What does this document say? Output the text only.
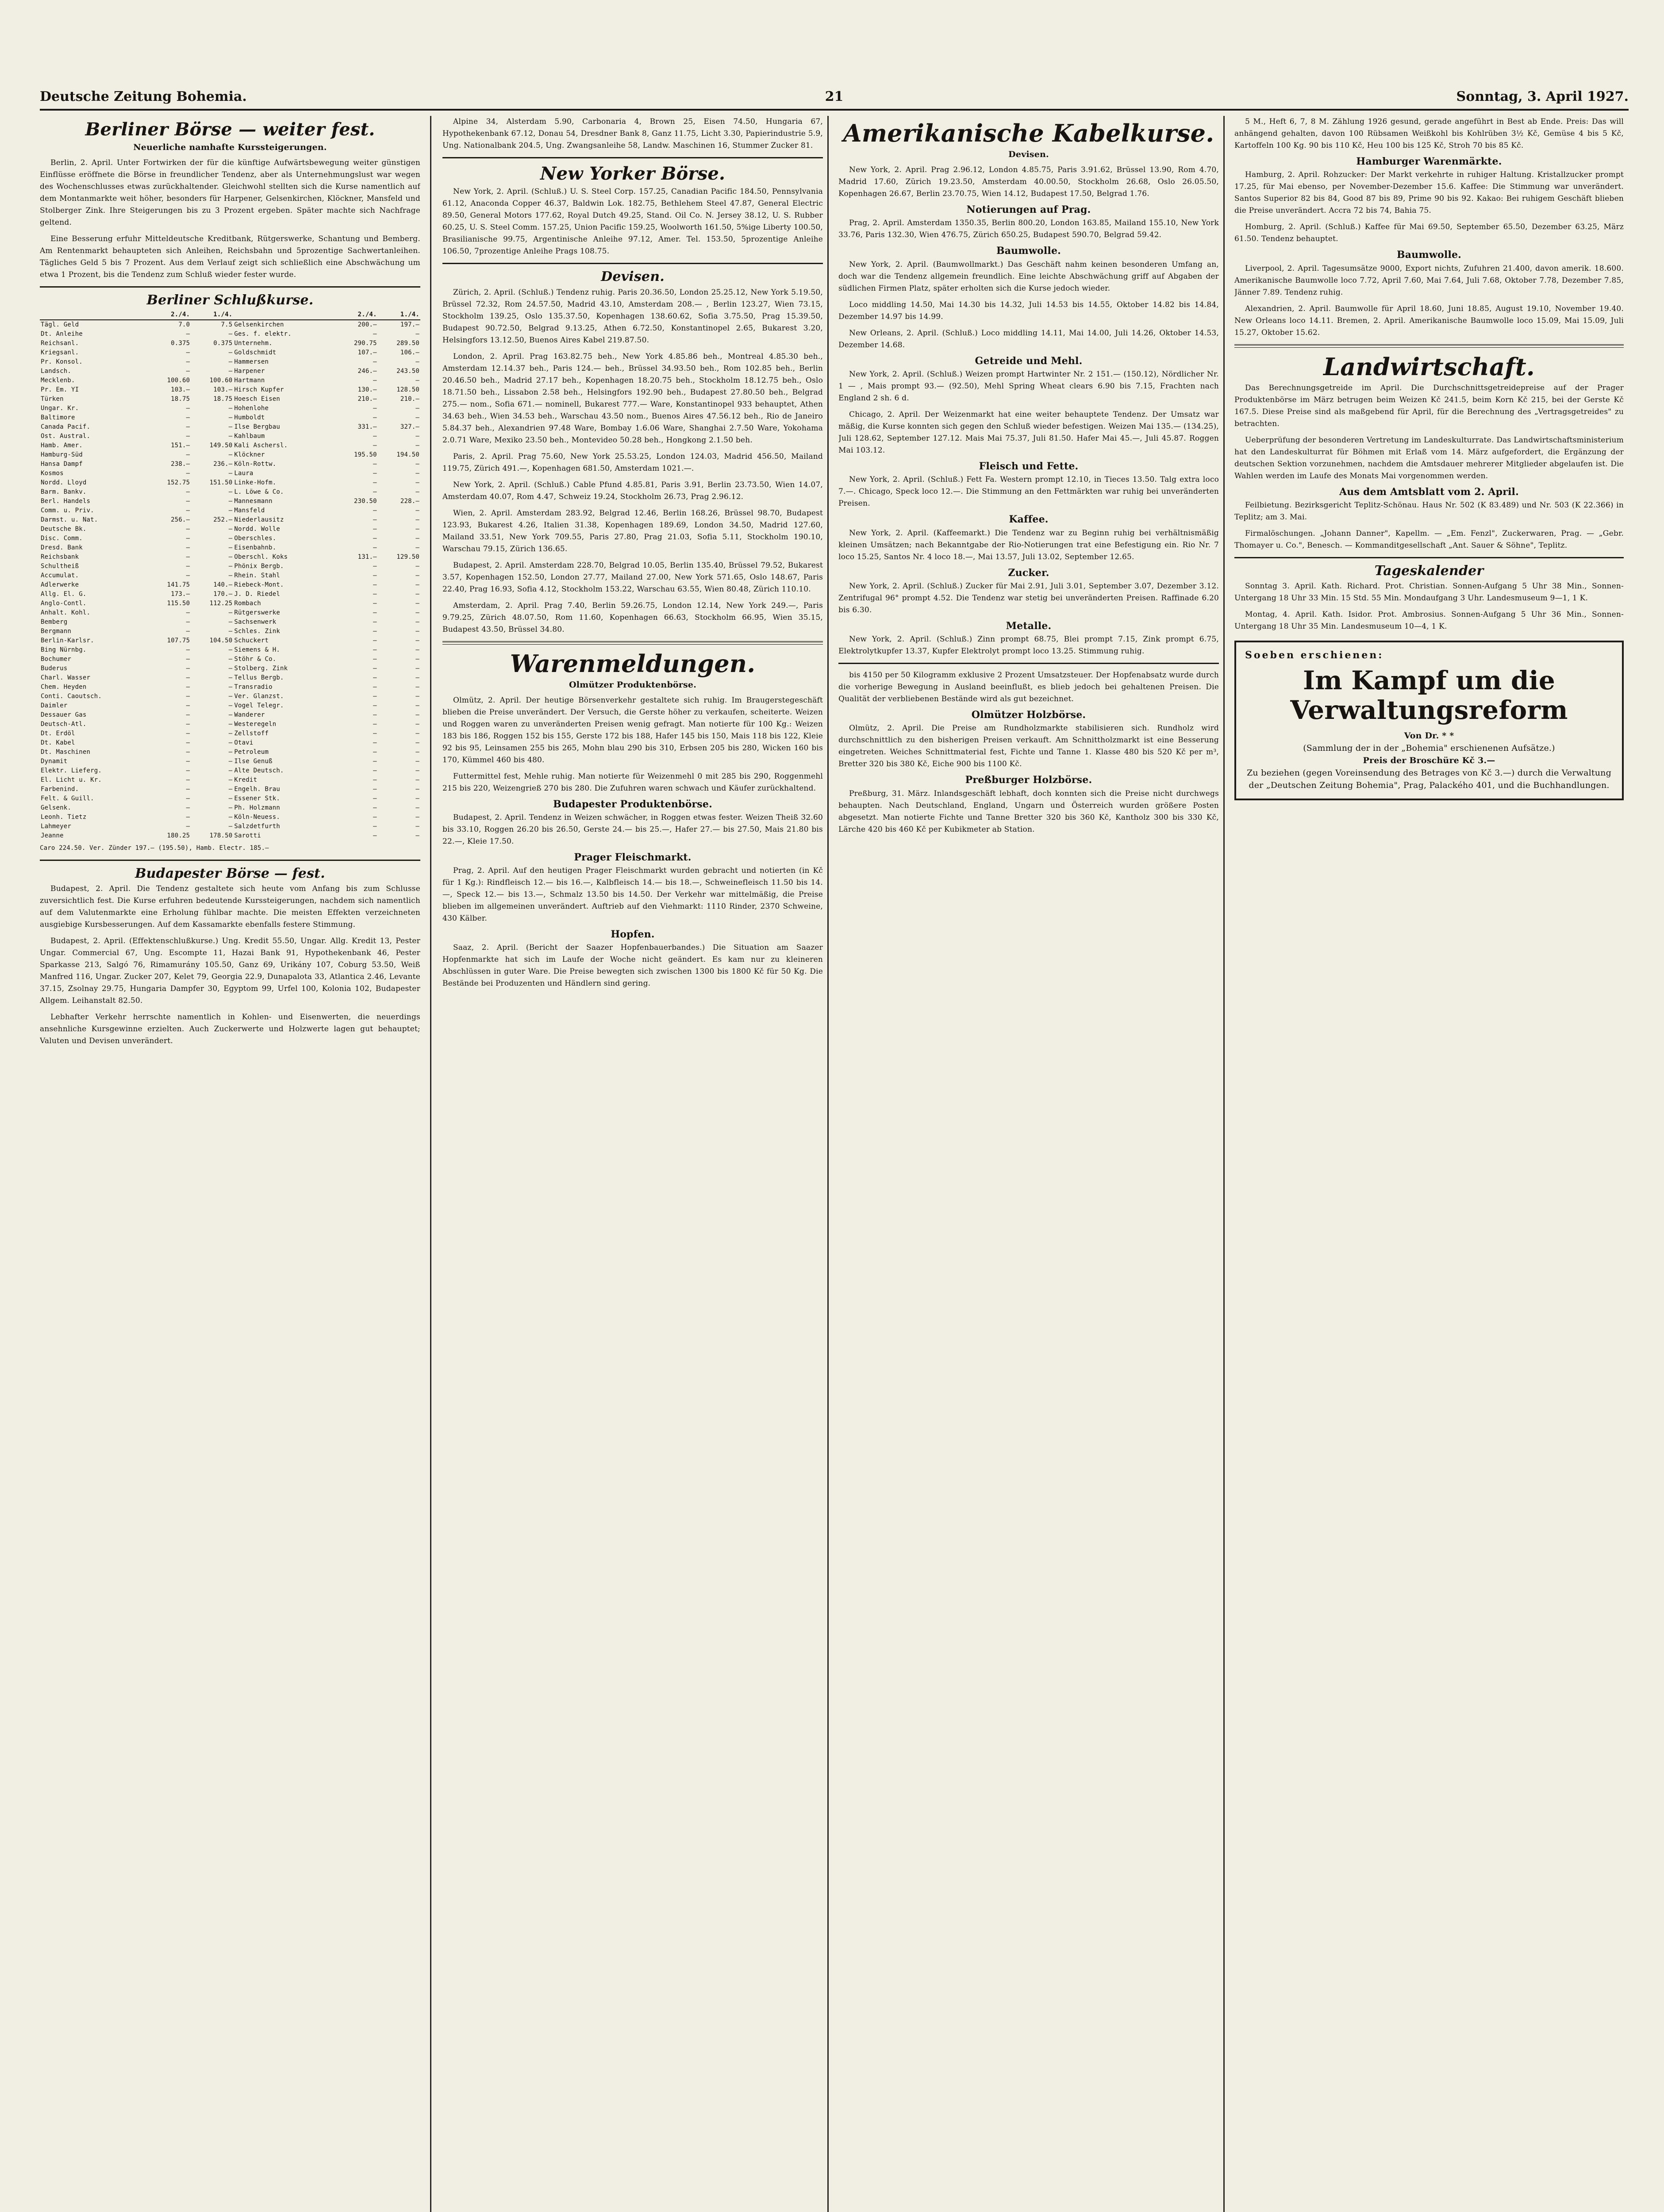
Deutsche Zeitung Bohemia.	21	Sonntag, 3. April 1927.
Berliner Börse — weiter fest.
Neuerliche namhafte Kurssteigerungen.

Berlin, 2. April. Unter Fortwirken der für die künftige Aufwärtsbewegung weiter günstigen Einflüsse eröffnete die Börse in freundlicher Tendenz, aber als Unternehmungslust war wegen des Wochenschlusses etwas zurückhaltender. Gleichwohl stellten sich die Kurse namentlich auf dem Montanmarkte weit höher, besonders für Harpener, Gelsenkirchen, Klöckner, Mansfeld und Stolberger Zink. Ihre Steigerungen bis zu 3 Prozent ergeben. Später machte sich Nachfrage geltend.

Eine Besserung erfuhr Mitteldeutsche Kreditbank, Rütgerswerke, Schantung und Bemberg. Am Rentenmarkt behaupteten sich Anleihen, Reichsbahn und 5prozentige Sachwertanleihen. Tägliches Geld 5 bis 7 Prozent. Aus dem Verlauf zeigt sich schließlich eine Abschwächung um etwa 1 Prozent, bis die Tendenz zum Schluß wieder fester wurde.

Berliner Schlußkurse.
	2./4.	1./4.		2./4.	1./4.
Tägl. Geld	7.0	7.5	Gelsenkirchen	200.—	197.—
Dt. Anleihe	—	—	Ges. f. elektr.	—	—
Reichsanl.	0.375	0.375	Unternehm.	290.75	289.50
Kriegsanl.	—	—	Goldschmidt	107.—	106.—
Pr. Konsol.	—	—	Hammersen	—	—
Landsch.	—	—	Harpener	246.—	243.50
Mecklenb.	100.60	100.60	Hartmann	—	—
Pr. Em. YI	103.—	103.—	Hirsch Kupfer	130.—	128.50
Türken	18.75	18.75	Hoesch Eisen	210.—	210.—
Ungar. Kr.	—	—	Hohenlohe	—	—
Baltimore	—	—	Humboldt	—	—
Canada Pacif.	—	—	Ilse Bergbau	331.—	327.—
Ost. Austral.	—	—	Kahlbaum	—	—
Hamb. Amer.	151.—	149.50	Kali Aschersl.	—	—
Hamburg-Süd	—	—	Klöckner	195.50	194.50
Hansa Dampf	238.—	236.—	Köln-Rottw.	—	—
Kosmos	—	—	Laura	—	—
Nordd. Lloyd	152.75	151.50	Linke-Hofm.	—	—
Barm. Bankv.	—	—	L. Löwe & Co.	—	—
Berl. Handels	—	—	Mannesmann	230.50	228.—
Comm. u. Priv.	—	—	Mansfeld	—	—
Darmst. u. Nat.	256.—	252.—	Niederlausitz	—	—
Deutsche Bk.	—	—	Nordd. Wolle	—	—
Disc. Comm.	—	—	Oberschles.	—	—
Dresd. Bank	—	—	Eisenbahnb.	—	—
Reichsbank	—	—	Oberschl. Koks	131.—	129.50
Schultheiß	—	—	Phönix Bergb.	—	—
Accumulat.	—	—	Rhein. Stahl	—	—
Adlerwerke	141.75	140.—	Riebeck-Mont.	—	—
Allg. El. G.	173.—	170.—	J. D. Riedel	—	—
Anglo-Contl.	115.50	112.25	Rombach	—	—
Anhalt. Kohl.	—	—	Rütgerswerke	—	—
Bemberg	—	—	Sachsenwerk	—	—
Bergmann	—	—	Schles. Zink	—	—
Berlin-Karlsr.	107.75	104.50	Schuckert	—	—
Bing Nürnbg.	—	—	Siemens & H.	—	—
Bochumer	—	—	Stöhr & Co.	—	—
Buderus	—	—	Stolberg. Zink	—	—
Charl. Wasser	—	—	Tellus Bergb.	—	—
Chem. Heyden	—	—	Transradio	—	—
Conti. Caoutsch.	—	—	Ver. Glanzst.	—	—
Daimler	—	—	Vogel Telegr.	—	—
Dessauer Gas	—	—	Wanderer	—	—
Deutsch-Atl.	—	—	Westeregeln	—	—
Dt. Erdöl	—	—	Zellstoff	—	—
Dt. Kabel	—	—	Otavi	—	—
Dt. Maschinen	—	—	Petroleum	—	—
Dynamit	—	—	Ilse Genuß	—	—
Elektr. Lieferg.	—	—	Alte Deutsch.	—	—
El. Licht u. Kr.	—	—	Kredit	—	—
Farbenind.	—	—	Engelh. Brau	—	—
Felt. & Guill.	—	—	Essener Stk.	—	—
Gelsenk.	—	—	Ph. Holzmann	—	—
Leonh. Tietz	—	—	Köln-Neuess.	—	—
Lahmeyer	—	—	Salzdetfurth	—	—
Jeanne	180.25	178.50	Sarotti	—	—
Caro 224.50. Ver. Zünder 197.— (195.50), Hamb. Electr. 185.—
Budapester Börse — fest.

Budapest, 2. April. Die Tendenz gestaltete sich heute vom Anfang bis zum Schlusse zuversichtlich fest. Die Kurse erfuhren bedeutende Kurssteigerungen, nachdem sich namentlich auf dem Valutenmarkte eine Erholung fühlbar machte. Die meisten Effekten verzeichneten ausgiebige Kursbesserungen. Auf dem Kassamarkte ebenfalls festere Stimmung.

Budapest, 2. April. (Effektenschlußkurse.) Ung. Kredit 55.50, Ungar. Allg. Kredit 13, Pester Ungar. Commercial 67, Ung. Escompte 11, Hazai Bank 91, Hypothekenbank 46, Pester Sparkasse 213, Salgó 76, Rimamurány 105.50, Ganz 69, Urikány 107, Coburg 53.50, Weiß Manfred 116, Ungar. Zucker 207, Kelet 79, Georgia 22.9, Dunapalota 33, Atlantica 2.46, Levante 37.15, Zsolnay 29.75, Hungaria Dampfer 30, Egyptom 99, Urfel 100, Kolonia 102, Budapester Allgem. Leihanstalt 82.50.

Lebhafter Verkehr herrschte namentlich in Kohlen- und Eisenwerten, die neuerdings ansehnliche Kursgewinne erzielten. Auch Zuckerwerte und Holzwerte lagen gut behauptet; Valuten und Devisen unverändert.

Alpine 34, Alsterdam 5.90, Carbonaria 4, Brown 25, Eisen 74.50, Hungaria 67, Hypothekenbank 67.12, Donau 54, Dresdner Bank 8, Ganz 11.75, Licht 3.30, Papierindustrie 5.9, Ung. Nationalbank 204.5, Ung. Zwangsanleihe 58, Landw. Maschinen 16, Stummer Zucker 81.

New Yorker Börse.

New York, 2. April. (Schluß.) U. S. Steel Corp. 157.25, Canadian Pacific 184.50, Pennsylvania 61.12, Anaconda Copper 46.37, Baldwin Lok. 182.75, Bethlehem Steel 47.87, General Electric 89.50, General Motors 177.62, Royal Dutch 49.25, Stand. Oil Co. N. Jersey 38.12, U. S. Rubber 60.25, U. S. Steel Comm. 157.25, Union Pacific 159.25, Woolworth 161.50, 5%ige Liberty 100.50, Brasilianische 99.75, Argentinische Anleihe 97.12, Amer. Tel. 153.50, 5prozentige Anleihe 106.50, 7prozentige Anleihe Prags 108.75.

Devisen.

Zürich, 2. April. (Schluß.) Tendenz ruhig. Paris 20.36.50, London 25.25.12, New York 5.19.50, Brüssel 72.32, Rom 24.57.50, Madrid 43.10, Amsterdam 208.— , Berlin 123.27, Wien 73.15, Stockholm 139.25, Oslo 135.37.50, Kopenhagen 138.60.62, Sofia 3.75.50, Prag 15.39.50, Budapest 90.72.50, Belgrad 9.13.25, Athen 6.72.50, Konstantinopel 2.65, Bukarest 3.20, Helsingfors 13.12.50, Buenos Aires Kabel 219.87.50.

London, 2. April. Prag 163.82.75 beh., New York 4.85.86 beh., Montreal 4.85.30 beh., Amsterdam 12.14.37 beh., Paris 124.— beh., Brüssel 34.93.50 beh., Rom 102.85 beh., Berlin 20.46.50 beh., Madrid 27.17 beh., Kopenhagen 18.20.75 beh., Stockholm 18.12.75 beh., Oslo 18.71.50 beh., Lissabon 2.58 beh., Helsingfors 192.90 beh., Budapest 27.80.50 beh., Belgrad 275.— nom., Sofia 671.— nominell, Bukarest 777.— Ware, Konstantinopel 933 behauptet, Athen 34.63 beh., Wien 34.53 beh., Warschau 43.50 nom., Buenos Aires 47.56.12 beh., Rio de Janeiro 5.84.37 beh., Alexandrien 97.48 Ware, Bombay 1.6.06 Ware, Shanghai 2.7.50 Ware, Yokohama 2.0.71 Ware, Mexiko 23.50 beh., Montevideo 50.28 beh., Hongkong 2.1.50 beh.

Paris, 2. April. Prag 75.60, New York 25.53.25, London 124.03, Madrid 456.50, Mailand 119.75, Zürich 491.—, Kopenhagen 681.50, Amsterdam 1021.—.

New York, 2. April. (Schluß.) Cable Pfund 4.85.81, Paris 3.91, Berlin 23.73.50, Wien 14.07, Amsterdam 40.07, Rom 4.47, Schweiz 19.24, Stockholm 26.73, Prag 2.96.12.

Wien, 2. April. Amsterdam 283.92, Belgrad 12.46, Berlin 168.26, Brüssel 98.70, Budapest 123.93, Bukarest 4.26, Italien 31.38, Kopenhagen 189.69, London 34.50, Madrid 127.60, Mailand 33.51, New York 709.55, Paris 27.80, Prag 21.03, Sofia 5.11, Stockholm 190.10, Warschau 79.15, Zürich 136.65.

Budapest, 2. April. Amsterdam 228.70, Belgrad 10.05, Berlin 135.40, Brüssel 79.52, Bukarest 3.57, Kopenhagen 152.50, London 27.77, Mailand 27.00, New York 571.65, Oslo 148.67, Paris 22.40, Prag 16.93, Sofia 4.12, Stockholm 153.22, Warschau 63.55, Wien 80.48, Zürich 110.10.

Amsterdam, 2. April. Prag 7.40, Berlin 59.26.75, London 12.14, New York 249.—, Paris 9.79.25, Zürich 48.07.50, Rom 11.60, Kopenhagen 66.63, Stockholm 66.95, Wien 35.15, Budapest 43.50, Brüssel 34.80.

Warenmeldungen.
Olmützer Produktenbörse.

Olmütz, 2. April. Der heutige Börsenverkehr gestaltete sich ruhig. Im Braugerstegeschäft blieben die Preise unverändert. Der Versuch, die Gerste höher zu verkaufen, scheiterte. Weizen und Roggen waren zu unveränderten Preisen wenig gefragt. Man notierte für 100 Kg.: Weizen 183 bis 186, Roggen 152 bis 155, Gerste 172 bis 188, Hafer 145 bis 150, Mais 118 bis 122, Kleie 92 bis 95, Leinsamen 255 bis 265, Mohn blau 290 bis 310, Erbsen 205 bis 280, Wicken 160 bis 170, Kümmel 460 bis 480.

Futtermittel fest, Mehle ruhig. Man notierte für Weizenmehl 0 mit 285 bis 290, Roggenmehl 215 bis 220, Weizengrieß 270 bis 280. Die Zufuhren waren schwach und Käufer zurückhaltend.

Budapester Produktenbörse.

Budapest, 2. April. Tendenz in Weizen schwächer, in Roggen etwas fester. Weizen Theiß 32.60 bis 33.10, Roggen 26.20 bis 26.50, Gerste 24.— bis 25.—, Hafer 27.— bis 27.50, Mais 21.80 bis 22.—, Kleie 17.50.

Prager Fleischmarkt.

Prag, 2. April. Auf den heutigen Prager Fleischmarkt wurden gebracht und notierten (in Kč für 1 Kg.): Rindfleisch 12.— bis 16.—, Kalbfleisch 14.— bis 18.—, Schweinefleisch 11.50 bis 14.—, Speck 12.— bis 13.—, Schmalz 13.50 bis 14.50. Der Verkehr war mittelmäßig, die Preise blieben im allgemeinen unverändert. Auftrieb auf den Viehmarkt: 1110 Rinder, 2370 Schweine, 430 Kälber.

Hopfen.

Saaz, 2. April. (Bericht der Saazer Hopfenbauerbandes.) Die Situation am Saazer Hopfenmarkte hat sich im Laufe der Woche nicht geändert. Es kam nur zu kleineren Abschlüssen in guter Ware. Die Preise bewegten sich zwischen 1300 bis 1800 Kč für 50 Kg. Die Bestände bei Produzenten und Händlern sind gering.

Amerikanische Kabelkurse.
Devisen.

New York, 2. April. Prag 2.96.12, London 4.85.75, Paris 3.91.62, Brüssel 13.90, Rom 4.70, Madrid 17.60, Zürich 19.23.50, Amsterdam 40.00.50, Stockholm 26.68, Oslo 26.05.50, Kopenhagen 26.67, Berlin 23.70.75, Wien 14.12, Budapest 17.50, Belgrad 1.76.

Notierungen auf Prag.

Prag, 2. April. Amsterdam 1350.35, Berlin 800.20, London 163.85, Mailand 155.10, New York 33.76, Paris 132.30, Wien 476.75, Zürich 650.25, Budapest 590.70, Belgrad 59.42.

Baumwolle.

New York, 2. April. (Baumwollmarkt.) Das Geschäft nahm keinen besonderen Umfang an, doch war die Tendenz allgemein freundlich. Eine leichte Abschwächung griff auf Abgaben der südlichen Firmen Platz, später erholten sich die Kurse jedoch wieder.

Loco middling 14.50, Mai 14.30 bis 14.32, Juli 14.53 bis 14.55, Oktober 14.82 bis 14.84, Dezember 14.97 bis 14.99.

New Orleans, 2. April. (Schluß.) Loco middling 14.11, Mai 14.00, Juli 14.26, Oktober 14.53, Dezember 14.68.

Getreide und Mehl.

New York, 2. April. (Schluß.) Weizen prompt Hartwinter Nr. 2 151.— (150.12), Nördlicher Nr. 1 — , Mais prompt 93.— (92.50), Mehl Spring Wheat clears 6.90 bis 7.15, Frachten nach England 2 sh. 6 d.

Chicago, 2. April. Der Weizenmarkt hat eine weiter behauptete Tendenz. Der Umsatz war mäßig, die Kurse konnten sich gegen den Schluß wieder befestigen. Weizen Mai 135.— (134.25), Juli 128.62, September 127.12. Mais Mai 75.37, Juli 81.50. Hafer Mai 45.—, Juli 45.87. Roggen Mai 103.12.

Fleisch und Fette.

New York, 2. April. (Schluß.) Fett Fa. Western prompt 12.10, in Tieces 13.50. Talg extra loco 7.—. Chicago, Speck loco 12.—. Die Stimmung an den Fettmärkten war ruhig bei unveränderten Preisen.

Kaffee.

New York, 2. April. (Kaffeemarkt.) Die Tendenz war zu Beginn ruhig bei verhältnismäßig kleinen Umsätzen; nach Bekanntgabe der Rio-Notierungen trat eine Befestigung ein. Rio Nr. 7 loco 15.25, Santos Nr. 4 loco 18.—, Mai 13.57, Juli 13.02, September 12.65.

Zucker.

New York, 2. April. (Schluß.) Zucker für Mai 2.91, Juli 3.01, September 3.07, Dezember 3.12. Zentrifugal 96° prompt 4.52. Die Tendenz war stetig bei unveränderten Preisen. Raffinade 6.20 bis 6.30.

Metalle.

New York, 2. April. (Schluß.) Zinn prompt 68.75, Blei prompt 7.15, Zink prompt 6.75, Elektrolytkupfer 13.37, Kupfer Elektrolyt prompt loco 13.25. Stimmung ruhig.

bis 4150 per 50 Kilogramm exklusive 2 Prozent Umsatzsteuer. Der Hopfenabsatz wurde durch die vorherige Bewegung in Ausland beeinflußt, es blieb jedoch bei gehaltenen Preisen. Die Qualität der verbliebenen Bestände wird als gut bezeichnet.

Olmützer Holzbörse.

Olmütz, 2. April. Die Preise am Rundholzmarkte stabilisieren sich. Rundholz wird durchschnittlich zu den bisherigen Preisen verkauft. Am Schnittholzmarkt ist eine Besserung eingetreten. Weiches Schnittmaterial fest, Fichte und Tanne 1. Klasse 480 bis 520 Kč per m³, Bretter 320 bis 380 Kč, Eiche 900 bis 1100 Kč.

Preßburger Holzbörse.

Preßburg, 31. März. Inlandsgeschäft lebhaft, doch konnten sich die Preise nicht durchwegs behaupten. Nach Deutschland, England, Ungarn und Österreich wurden größere Posten abgesetzt. Man notierte Fichte und Tanne Bretter 320 bis 360 Kč, Kantholz 300 bis 330 Kč, Lärche 420 bis 460 Kč per Kubikmeter ab Station.

5 M., Heft 6, 7, 8 M. Zählung 1926 gesund, gerade angeführt in Best ab Ende. Preis: Das will anhängend gehalten, davon 100 Rübsamen Weißkohl bis Kohlrüben 3½ Kč, Gemüse 4 bis 5 Kč, Kartoffeln 100 Kg. 90 bis 110 Kč, Heu 100 bis 125 Kč, Stroh 70 bis 85 Kč.

Hamburger Warenmärkte.

Hamburg, 2. April. Rohzucker: Der Markt verkehrte in ruhiger Haltung. Kristallzucker prompt 17.25, für Mai ebenso, per November-Dezember 15.6. Kaffee: Die Stimmung war unverändert. Santos Superior 82 bis 84, Good 87 bis 89, Prime 90 bis 92. Kakao: Bei ruhigem Geschäft blieben die Preise unverändert. Accra 72 bis 74, Bahia 75.

Homburg, 2. April. (Schluß.) Kaffee für Mai 69.50, September 65.50, Dezember 63.25, März 61.50. Tendenz behauptet.

Baumwolle.

Liverpool, 2. April. Tagesumsätze 9000, Export nichts, Zufuhren 21.400, davon amerik. 18.600. Amerikanische Baumwolle loco 7.72, April 7.60, Mai 7.64, Juli 7.68, Oktober 7.78, Dezember 7.85, Jänner 7.89. Tendenz ruhig.

Alexandrien, 2. April. Baumwolle für April 18.60, Juni 18.85, August 19.10, November 19.40. New Orleans loco 14.11. Bremen, 2. April. Amerikanische Baumwolle loco 15.09, Mai 15.09, Juli 15.27, Oktober 15.62.

Landwirtschaft.

Das Berechnungsgetreide im April. Die Durchschnittsgetreidepreise auf der Prager Produktenbörse im März betrugen beim Weizen Kč 241.5, beim Korn Kč 215, bei der Gerste Kč 167.5. Diese Preise sind als maßgebend für April, für die Berechnung des „Vertragsgetreides" zu betrachten.

Ueberprüfung der besonderen Vertretung im Landeskulturrate. Das Landwirtschaftsministerium hat den Landeskulturrat für Böhmen mit Erlaß vom 14. März aufgefordert, die Ergänzung der deutschen Sektion vorzunehmen, nachdem die Amtsdauer mehrerer Mitglieder abgelaufen ist. Die Wahlen werden im Laufe des Monats Mai vorgenommen werden.

Aus dem Amtsblatt vom 2. April.

Feilbietung. Bezirksgericht Teplitz-Schönau. Haus Nr. 502 (K 83.489) und Nr. 503 (K 22.366) in Teplitz; am 3. Mai.

Firmalöschungen. „Johann Danner", Kapellm. — „Em. Fenzl", Zuckerwaren, Prag. — „Gebr. Thomayer u. Co.", Benesch. — Kommanditgesellschaft „Ant. Sauer & Söhne", Teplitz.

Tageskalender

Sonntag 3. April. Kath. Richard. Prot. Christian. Sonnen-Aufgang 5 Uhr 38 Min., Sonnen-Untergang 18 Uhr 33 Min. 15 Std. 55 Min. Mondaufgang 3 Uhr. Landesmuseum 9—1, 1 K.

Montag, 4. April. Kath. Isidor. Prot. Ambrosius. Sonnen-Aufgang 5 Uhr 36 Min., Sonnen-Untergang 18 Uhr 35 Min. Landesmuseum 10—4, 1 K.

Soeben erschienen:
Im Kampf um die Verwaltungsreform
Von Dr. * *
(Sammlung der in der „Bohemia" erschienenen Aufsätze.)
Preis der Broschüre Kč 3.—
Zu beziehen (gegen Voreinsendung des Betrages von Kč 3.—) durch die Verwaltung der „Deutschen Zeitung Bohemia", Prag, Palackého 401, und die Buchhandlungen.
